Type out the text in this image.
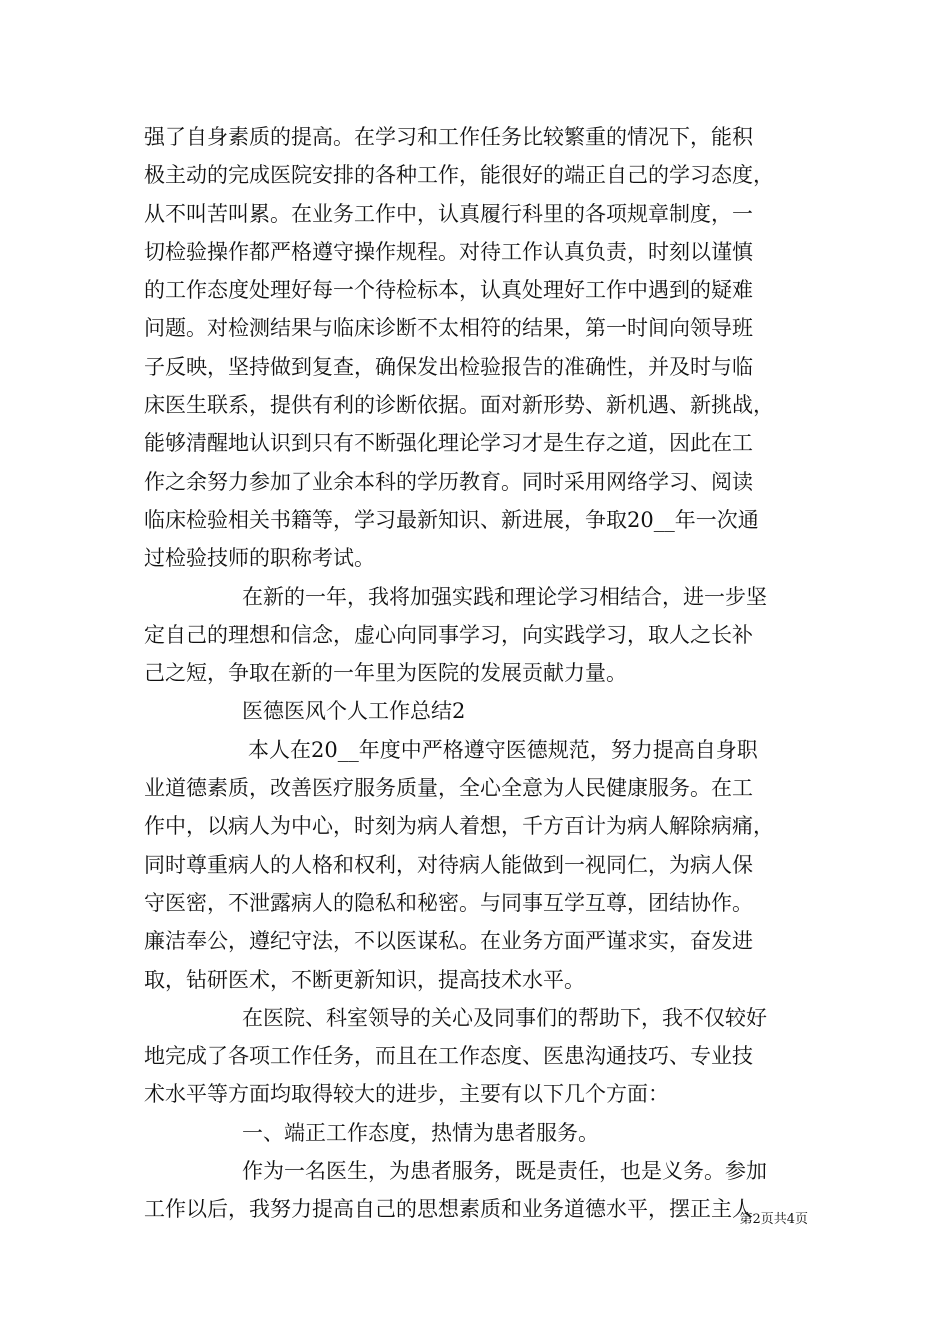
强了自身素质的提高。在学习和工作任务比较繁重的情况下，能积
极主动的完成医院安排的各种工作，能很好的端正自己的学习态度，
从不叫苦叫累。在业务工作中，认真履行科里的各项规章制度，一
切检验操作都严格遵守操作规程。对待工作认真负责，时刻以谨慎
的工作态度处理好每一个待检标本，认真处理好工作中遇到的疑难
问题。对检测结果与临床诊断不太相符的结果，第一时间向领导班
子反映，坚持做到复查，确保发出检验报告的准确性，并及时与临
床医生联系，提供有利的诊断依据。面对新形势、新机遇、新挑战，
能够清醒地认识到只有不断强化理论学习才是生存之道，因此在工
作之余努力参加了业余本科的学历教育。同时采用网络学习、阅读
临床检验相关书籍等，学习最新知识、新进展，争取20__年一次通
过检验技师的职称考试。
在新的一年，我将加强实践和理论学习相结合，进一步坚
定自己的理想和信念，虚心向同事学习，向实践学习，取人之长补
己之短，争取在新的一年里为医院的发展贡献力量。
医德医风个人工作总结2
本人在20__年度中严格遵守医德规范，努力提高自身职
业道德素质，改善医疗服务质量，全心全意为人民健康服务。在工
作中，以病人为中心，时刻为病人着想，千方百计为病人解除病痛，
同时尊重病人的人格和权利，对待病人能做到一视同仁，为病人保
守医密，不泄露病人的隐私和秘密。与同事互学互尊，团结协作。
廉洁奉公，遵纪守法，不以医谋私。在业务方面严谨求实，奋发进
取，钻研医术，不断更新知识，提高技术水平。
在医院、科室领导的关心及同事们的帮助下，我不仅较好
地完成了各项工作任务，而且在工作态度、医患沟通技巧、专业技
术水平等方面均取得较大的进步，主要有以下几个方面：
一、端正工作态度，热情为患者服务。
作为一名医生，为患者服务，既是责任，也是义务。参加
工作以后，我努力提高自己的思想素质和业务道德水平，摆正主人
第2页共4页
